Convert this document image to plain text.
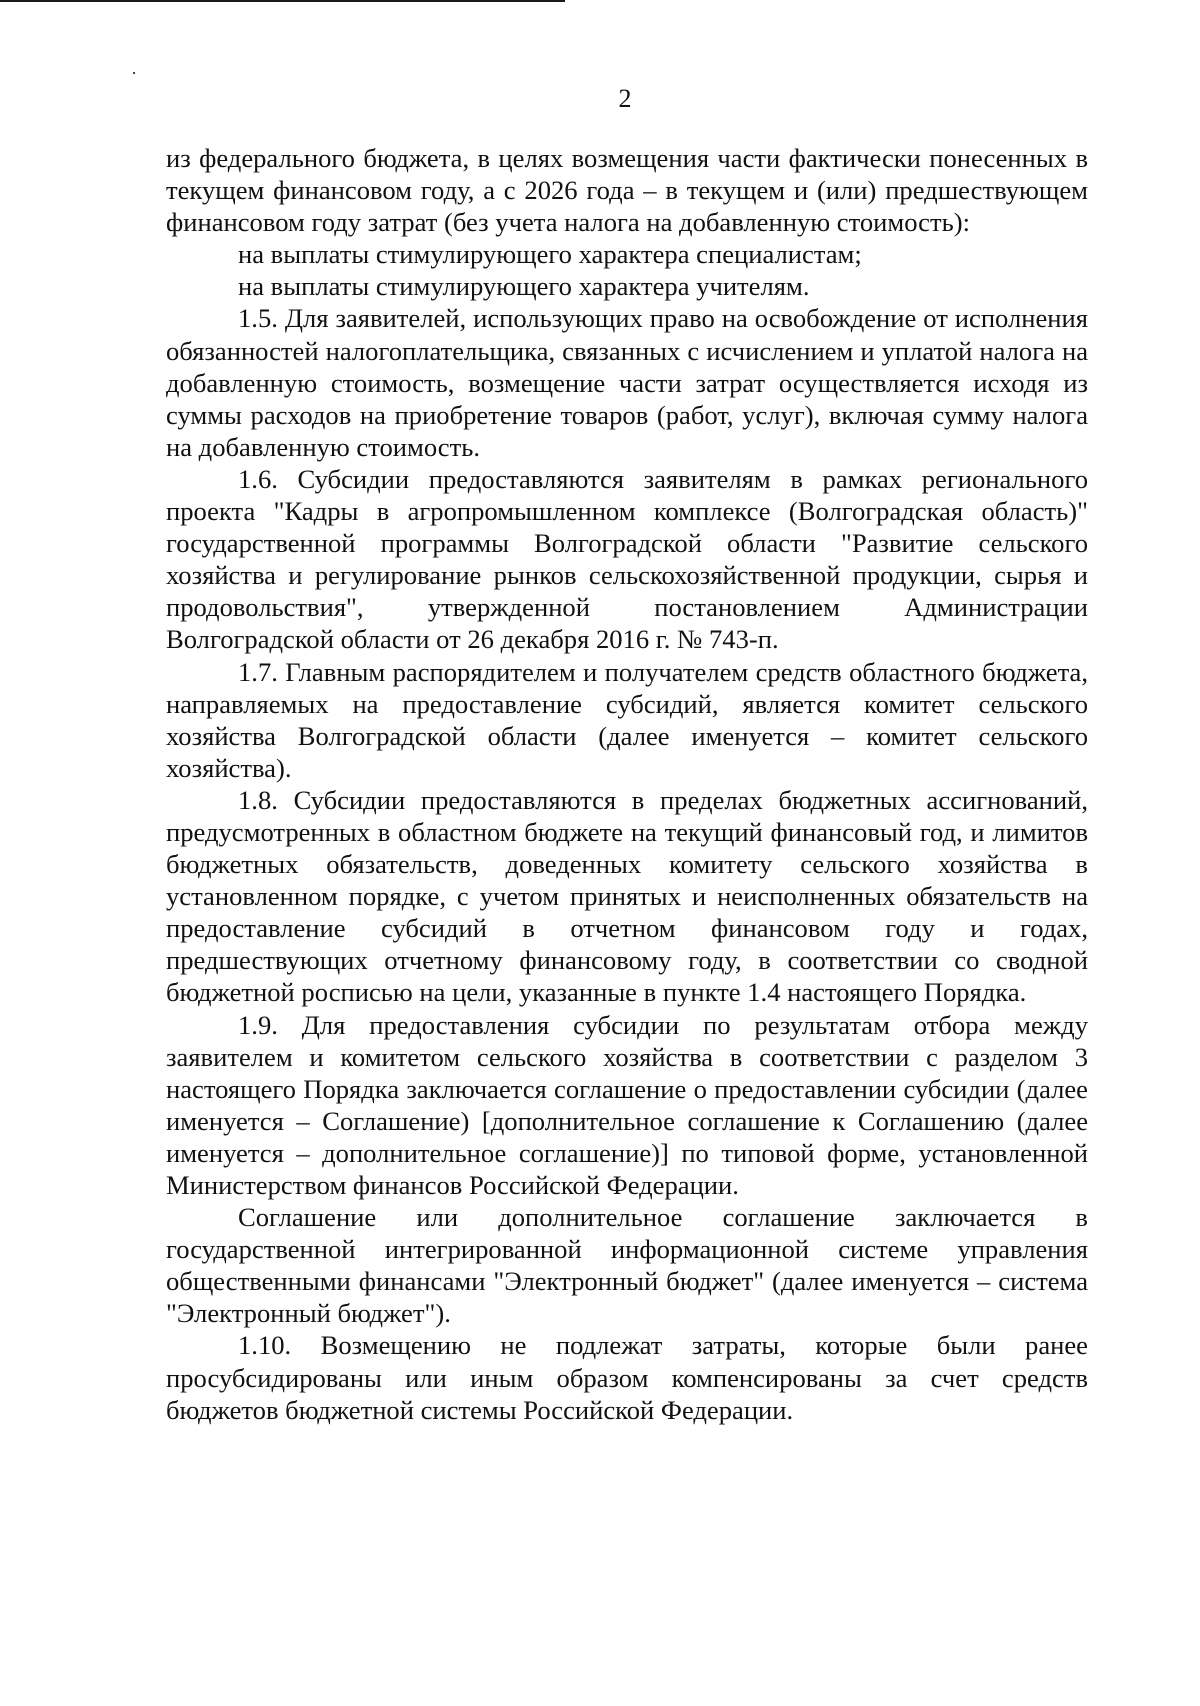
2

из федерального бюджета, в целях возмещения части фактически понесенных в текущем финансовом году, а с 2026 года – в текущем и (или) предшествующем финансовом году затрат (без учета налога на добавленную стоимость):

на выплаты стимулирующего характера специалистам;

на выплаты стимулирующего характера учителям.

1.5. Для заявителей, использующих право на освобождение от исполнения обязанностей налогоплательщика, связанных с исчислением и уплатой налога на добавленную стоимость, возмещение части затрат осуществляется исходя из суммы расходов на приобретение товаров (работ, услуг), включая сумму налога на добавленную стоимость.

1.6. Субсидии предоставляются заявителям в рамках регионального проекта "Кадры в агропромышленном комплексе (Волгоградская область)" государственной программы Волгоградской области "Развитие сельского хозяйства и регулирование рынков сельскохозяйственной продукции, сырья и продовольствия", утвержденной постановлением Администрации Волгоградской области от 26 декабря 2016 г. № 743-п.

1.7. Главным распорядителем и получателем средств областного бюджета, направляемых на предоставление субсидий, является комитет сельского хозяйства Волгоградской области (далее именуется – комитет сельского хозяйства).

1.8. Субсидии предоставляются в пределах бюджетных ассигнований, предусмотренных в областном бюджете на текущий финансовый год, и лимитов бюджетных обязательств, доведенных комитету сельского хозяйства в установленном порядке, с учетом принятых и неисполненных обязательств на предоставление субсидий в отчетном финансовом году и годах, предшествующих отчетному финансовому году, в соответствии со сводной бюджетной росписью на цели, указанные в пункте 1.4 настоящего Порядка.

1.9. Для предоставления субсидии по результатам отбора между заявителем и комитетом сельского хозяйства в соответствии с разделом 3 настоящего Порядка заключается соглашение о предоставлении субсидии (далее именуется – Соглашение) [дополнительное соглашение к Соглашению (далее именуется – дополнительное соглашение)] по типовой форме, установленной Министерством финансов Российской Федерации.

Соглашение или дополнительное соглашение заключается в государственной интегрированной информационной системе управления общественными финансами "Электронный бюджет" (далее именуется – система "Электронный бюджет").

1.10. Возмещению не подлежат затраты, которые были ранее просубсидированы или иным образом компенсированы за счет средств бюджетов бюджетной системы Российской Федерации.
